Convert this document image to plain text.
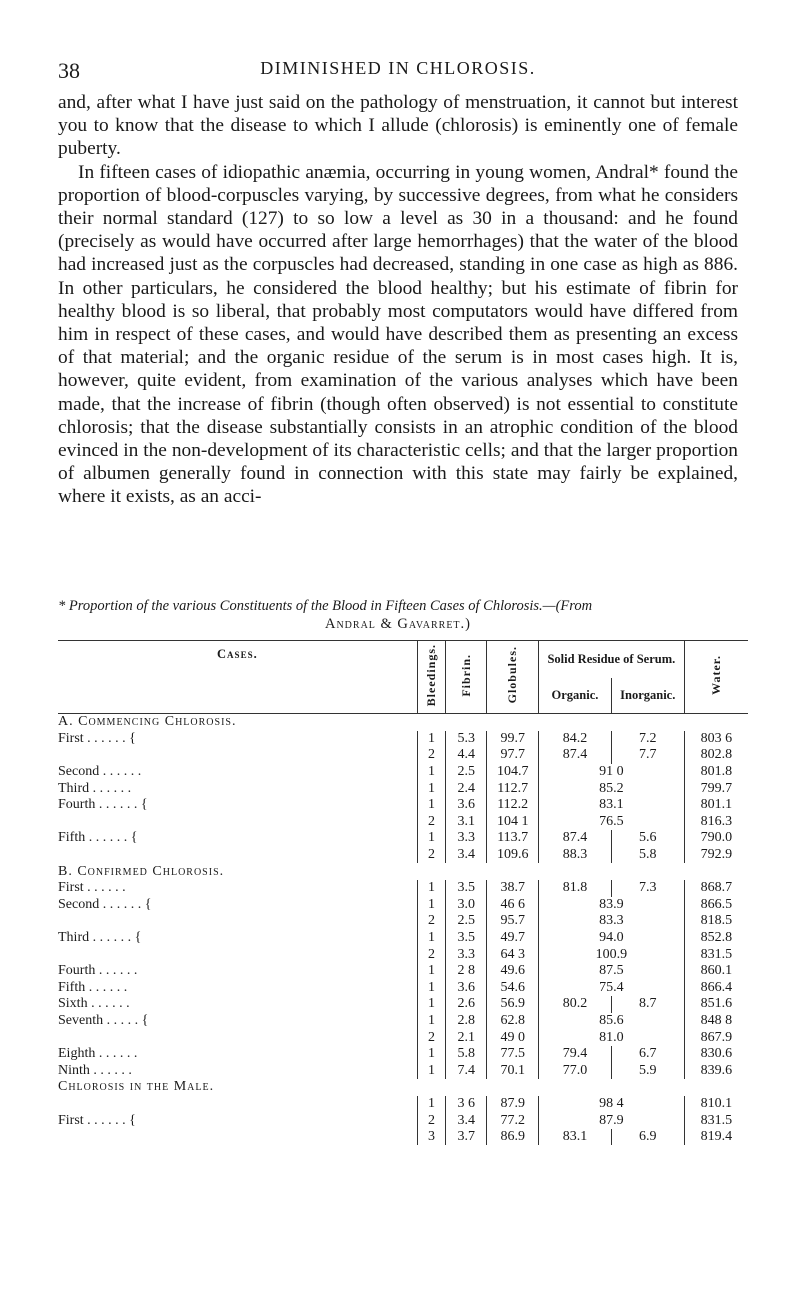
38	DIMINISHED IN CHLOROSIS.

and, after what I have just said on the pathology of menstruation, it cannot but interest you to know that the disease to which I allude (chlorosis) is eminently one of female puberty.

In fifteen cases of idiopathic anæmia, occurring in young women, Andral* found the proportion of blood-corpuscles varying, by successive degrees, from what he considers their normal standard (127) to so low a level as 30 in a thousand: and he found (precisely as would have occurred after large hemorrhages) that the water of the blood had increased just as the corpuscles had decreased, standing in one case as high as 886. In other particulars, he considered the blood healthy; but his estimate of fibrin for healthy blood is so liberal, that probably most computators would have differed from him in respect of these cases, and would have described them as presenting an excess of that material; and the organic residue of the serum is in most cases high. It is, however, quite evident, from examination of the various analyses which have been made, that the increase of fibrin (though often observed) is not essential to constitute chlorosis; that the disease substantially consists in an atrophic condition of the blood evinced in the non-development of its characteristic cells; and that the larger proportion of albumen generally found in connection with this state may fairly be explained, where it exists, as an acci-

* Proportion of the various Constituents of the Blood in Fifteen Cases of Chlorosis.—(From
Andral & Gavarret.)
Cases.	Bleedings.	Fibrin.	Globules.	Solid Residue of Serum.		Water.
				Organic.	Inorganic.	
A. Commencing Chlorosis.						
First . . . . . . {	1	5.3	99.7	84.2	7.2	803 6
	2	4.4	97.7	87.4	7.7	802.8
Second . . . . . .	1	2.5	104.7	91 0		801.8
Third . . . . . .	1	2.4	112.7	85.2		799.7
Fourth . . . . . . {	1	3.6	112.2	83.1		801.1
	2	3.1	104 1	76.5		816.3
Fifth . . . . . . {	1	3.3	113.7	87.4	5.6	790.0
	2	3.4	109.6	88.3	5.8	792.9
B. Confirmed Chlorosis.						
First . . . . . .	1	3.5	38.7	81.8	7.3	868.7
Second . . . . . . {	1	3.0	46 6	83.9		866.5
	2	2.5	95.7	83.3		818.5
Third . . . . . . {	1	3.5	49.7	94.0		852.8
	2	3.3	64 3	100.9		831.5
Fourth . . . . . .	1	2 8	49.6	87.5		860.1
Fifth . . . . . .	1	3.6	54.6	75.4		866.4
Sixth . . . . . .	1	2.6	56.9	80.2	8.7	851.6
Seventh . . . . . {	1	2.8	62.8	85.6		848 8
	2	2.1	49 0	81.0		867.9
Eighth . . . . . .	1	5.8	77.5	79.4	6.7	830.6
Ninth . . . . . .	1	7.4	70.1	77.0	5.9	839.6
Chlorosis in the Male.						
	1	3 6	87.9	98 4		810.1
First . . . . . . {	2	3.4	77.2	87.9		831.5
	3	3.7	86.9	83.1	6.9	819.4
